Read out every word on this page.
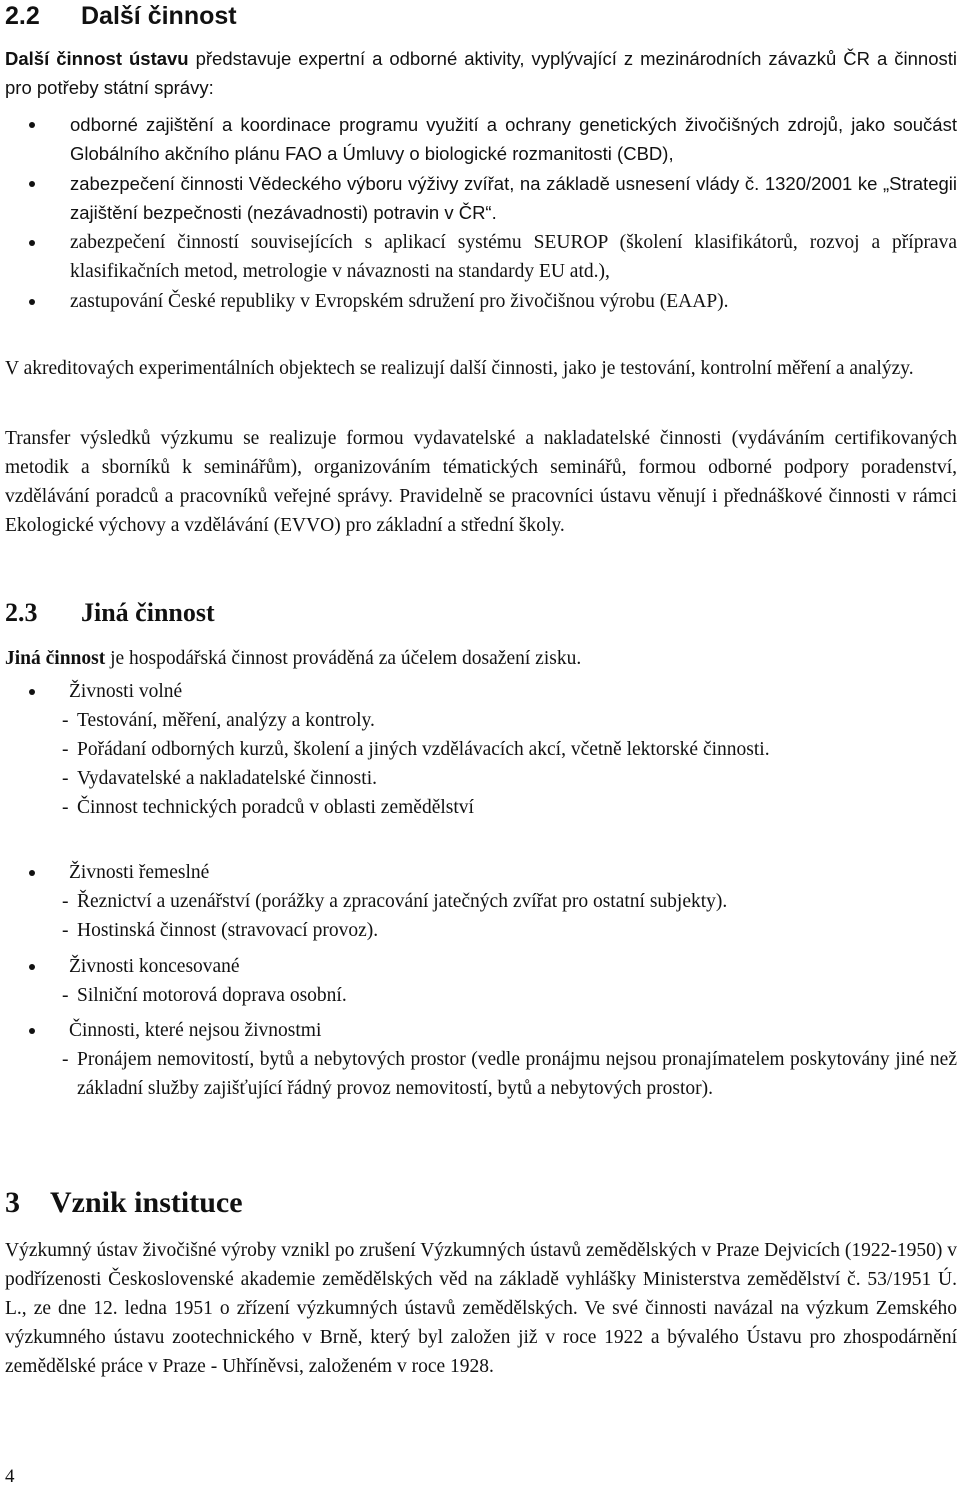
2.2 Další činnost

Další činnost ústavu představuje expertní a odborné aktivity, vyplývající z mezinárodních závazků ČR a činnosti pro potřeby státní správy:

odborné zajištění a koordinace programu využití a ochrany genetických živočišných zdrojů, jako součást Globálního akčního plánu FAO a Úmluvy o biologické rozmanitosti (CBD),
zabezpečení činnosti Vědeckého výboru výživy zvířat, na základě usnesení vlády č. 1320/2001 ke „Strategii zajištění bezpečnosti (nezávadnosti) potravin v ČR“.
zabezpečení činností souvisejících s aplikací systému SEUROP (školení klasifikátorů, rozvoj a příprava klasifikačních metod, metrologie v návaznosti na standardy EU atd.),
zastupování České republiky v Evropském sdružení pro živočišnou výrobu (EAAP).

V akreditovaých experimentálních objektech se realizují další činnosti, jako je testování, kontrolní měření a analýzy.

Transfer výsledků výzkumu se realizuje formou vydavatelské a nakladatelské činnosti (vydáváním certifikovaných metodik a sborníků k seminářům), organizováním tématických seminářů, formou odborné podpory poradenství, vzdělávání poradců a pracovníků veřejné správy. Pravidelně se pracovníci ústavu věnují i přednáškové činnosti v rámci Ekologické výchovy a vzdělávání (EVVO) pro základní a střední školy.

2.3 Jiná činnost

Jiná činnost je hospodářská činnost prováděná za účelem dosažení zisku.

Živnosti volné
- Testování, měření, analýzy a kontroly.
- Pořádaní odborných kurzů, školení a jiných vzdělávacích akcí, včetně lektorské činnosti.
- Vydavatelské a nakladatelské činnosti.
- Činnost technických poradců v oblasti zemědělství
Živnosti řemeslné
- Řeznictví a uzenářství (porážky a zpracování jatečných zvířat pro ostatní subjekty).
- Hostinská činnost (stravovací provoz).
Živnosti koncesované
- Silniční motorová doprava osobní.
Činnosti, které nejsou živnostmi
- Pronájem nemovitostí, bytů a nebytových prostor (vedle pronájmu nejsou pronajímatelem poskytovány jiné než základní služby zajišťující řádný provoz nemovitostí, bytů a nebytových prostor).
3 Vznik instituce

Výzkumný ústav živočišné výroby vznikl po zrušení Výzkumných ústavů zemědělských v Praze Dejvicích (1922-1950) v podřízenosti Československé akademie zemědělských věd na základě vyhlášky Ministerstva zemědělství č. 53/1951 Ú. L., ze dne 12. ledna 1951 o zřízení výzkumných ústavů zemědělských. Ve své činnosti navázal na výzkum Zemského výzkumného ústavu zootechnického v Brně, který byl založen již v roce 1922 a bývalého Ústavu pro zhospodárnění zemědělské práce v Praze - Uhříněvsi, založeném v roce 1928.

4
